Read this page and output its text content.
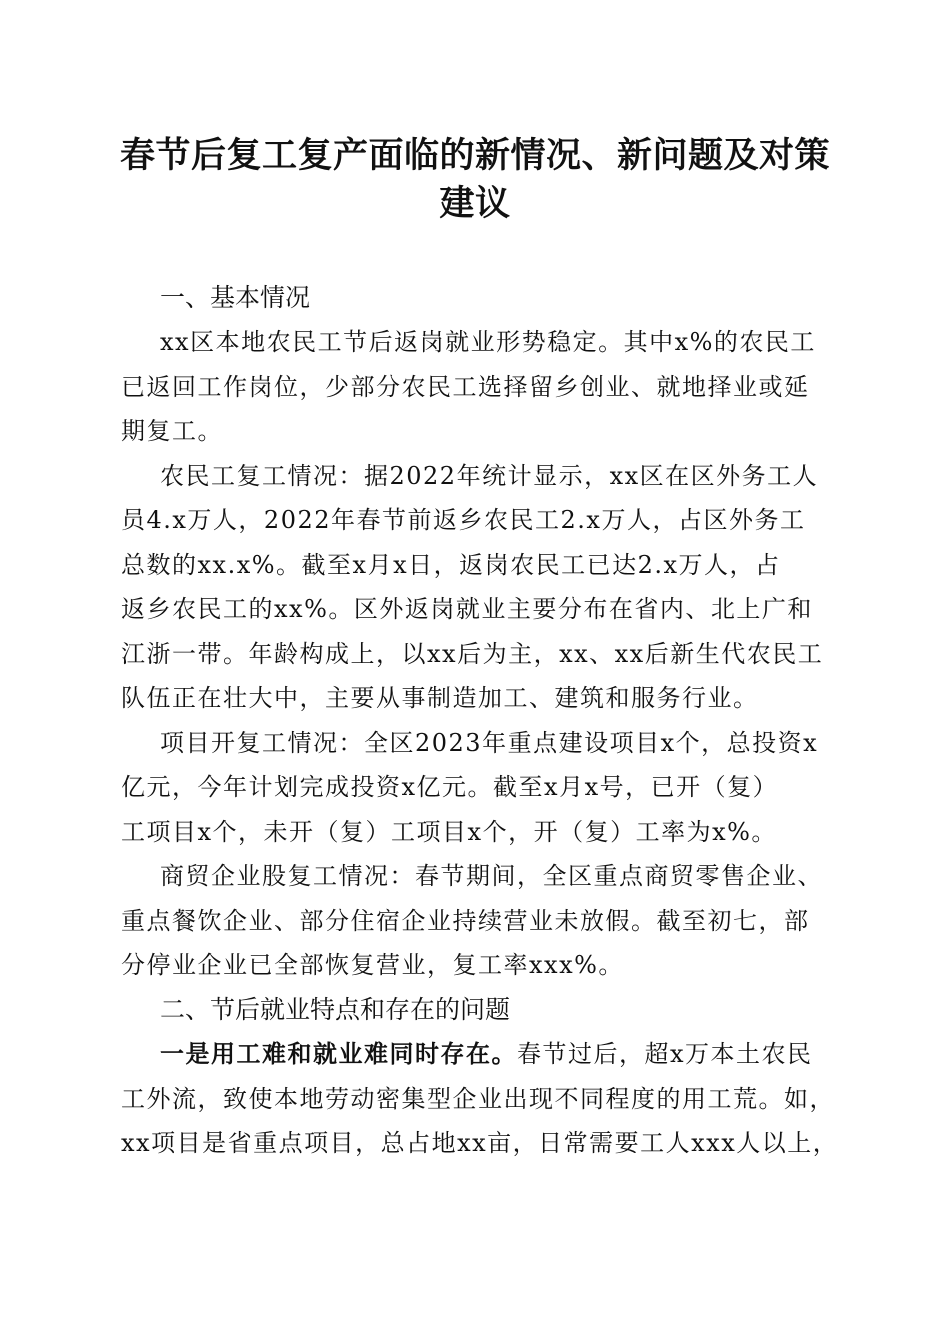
春节后复工复产面临的新情况、新问题及对策
建议
一、基本情况
xx区本地农民工节后返岗就业形势稳定。其中x%的农民工
已返回工作岗位，少部分农民工选择留乡创业、就地择业或延
期复工。
农民工复工情况：据2022年统计显示，xx区在区外务工人
员4.x万人，2022年春节前返乡农民工2.x万人，占区外务工
总数的xx.x%。截至x月x日，返岗农民工已达2.x万人，占
返乡农民工的xx%。区外返岗就业主要分布在省内、北上广和
江浙一带。年龄构成上，以xx后为主，xx、xx后新生代农民工
队伍正在壮大中，主要从事制造加工、建筑和服务行业。
项目开复工情况：全区2023年重点建设项目x个，总投资x
亿元，今年计划完成投资x亿元。截至x月x号，已开（复）
工项目x个，未开（复）工项目x个，开（复）工率为x%。
商贸企业股复工情况：春节期间，全区重点商贸零售企业、
重点餐饮企业、部分住宿企业持续营业未放假。截至初七，部
分停业企业已全部恢复营业，复工率xxx%。
二、节后就业特点和存在的问题
一是用工难和就业难同时存在。春节过后，超x万本土农民
工外流，致使本地劳动密集型企业出现不同程度的用工荒。如，
xx项目是省重点项目，总占地xx亩，日常需要工人xxx人以上，
